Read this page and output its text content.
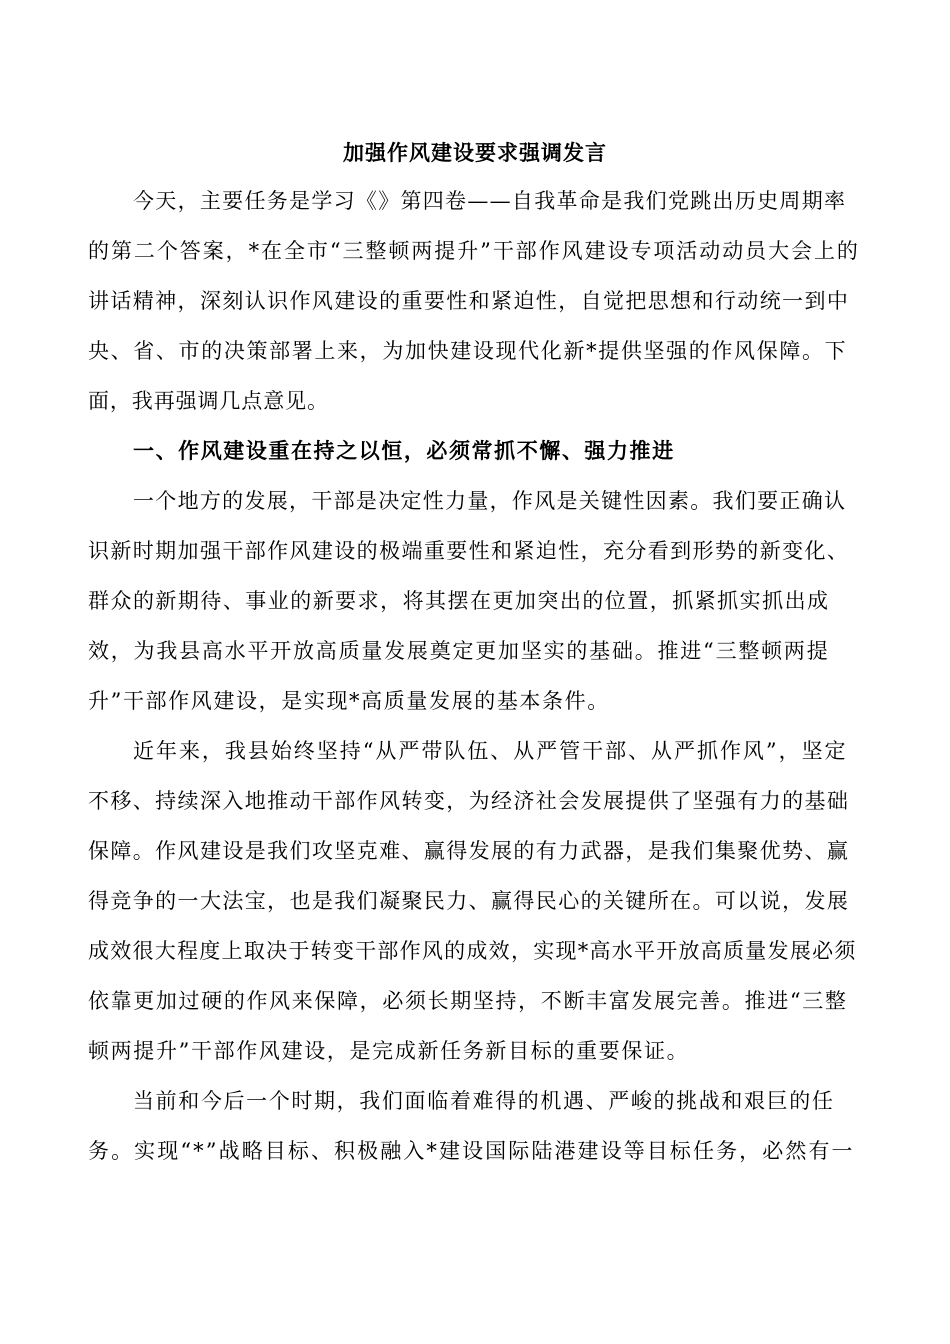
加强作风建设要求强调发言
今天，主要任务是学习《》第四卷——自我革命是我们党跳出历史周期率
的第二个答案，*在全市“三整顿两提升”干部作风建设专项活动动员大会上的
讲话精神，深刻认识作风建设的重要性和紧迫性，自觉把思想和行动统一到中
央、省、市的决策部署上来，为加快建设现代化新*提供坚强的作风保障。下
面，我再强调几点意见。
一、作风建设重在持之以恒，必须常抓不懈、强力推进
一个地方的发展，干部是决定性力量，作风是关键性因素。我们要正确认
识新时期加强干部作风建设的极端重要性和紧迫性，充分看到形势的新变化、
群众的新期待、事业的新要求，将其摆在更加突出的位置，抓紧抓实抓出成
效，为我县高水平开放高质量发展奠定更加坚实的基础。推进“三整顿两提
升”干部作风建设，是实现*高质量发展的基本条件。
近年来，我县始终坚持“从严带队伍、从严管干部、从严抓作风”，坚定
不移、持续深入地推动干部作风转变，为经济社会发展提供了坚强有力的基础
保障。作风建设是我们攻坚克难、赢得发展的有力武器，是我们集聚优势、赢
得竞争的一大法宝，也是我们凝聚民力、赢得民心的关键所在。可以说，发展
成效很大程度上取决于转变干部作风的成效，实现*高水平开放高质量发展必须
依靠更加过硬的作风来保障，必须长期坚持，不断丰富发展完善。推进“三整
顿两提升”干部作风建设，是完成新任务新目标的重要保证。
当前和今后一个时期，我们面临着难得的机遇、严峻的挑战和艰巨的任
务。实现“*”战略目标、积极融入*建设国际陆港建设等目标任务，必然有一
